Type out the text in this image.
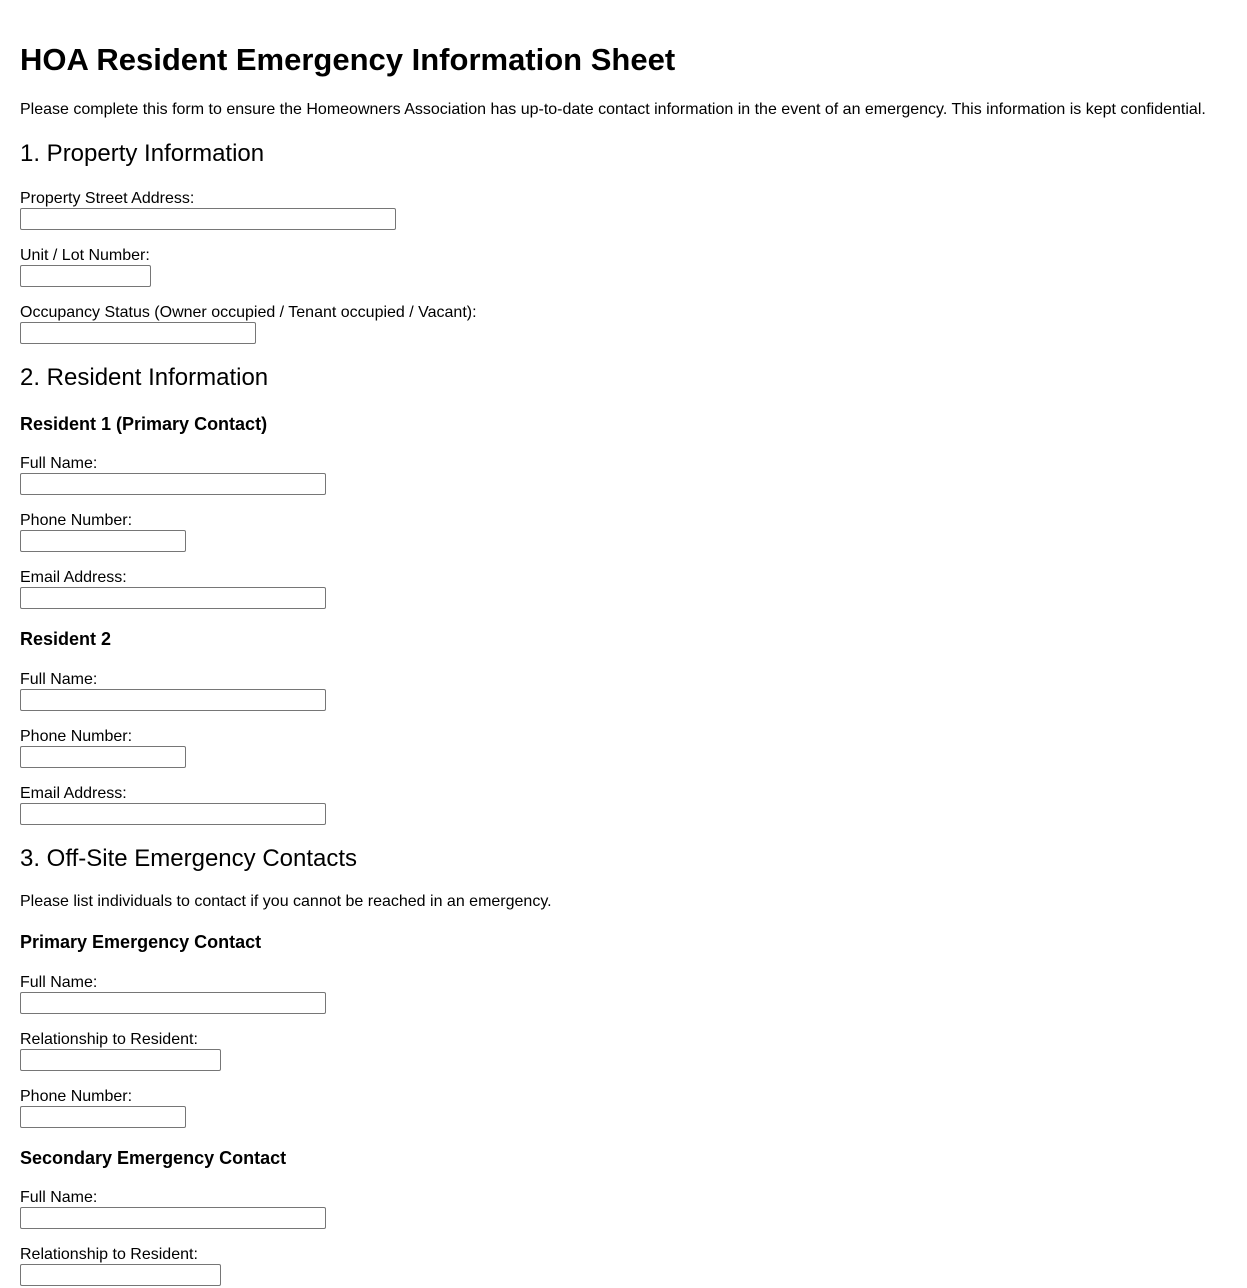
HOA Resident Emergency Information Sheet

Please complete this form to ensure the Homeowners Association has up-to-date contact information in the event of an emergency. This information is kept confidential.

1. Property Information
Property Street Address:
Unit / Lot Number:
Occupancy Status (Owner occupied / Tenant occupied / Vacant):
2. Resident Information
Resident 1 (Primary Contact)
Full Name:
Phone Number:
Email Address:
Resident 2
Full Name:
Phone Number:
Email Address:
3. Off-Site Emergency Contacts

Please list individuals to contact if you cannot be reached in an emergency.

Primary Emergency Contact
Full Name:
Relationship to Resident:
Phone Number:
Secondary Emergency Contact
Full Name:
Relationship to Resident:
